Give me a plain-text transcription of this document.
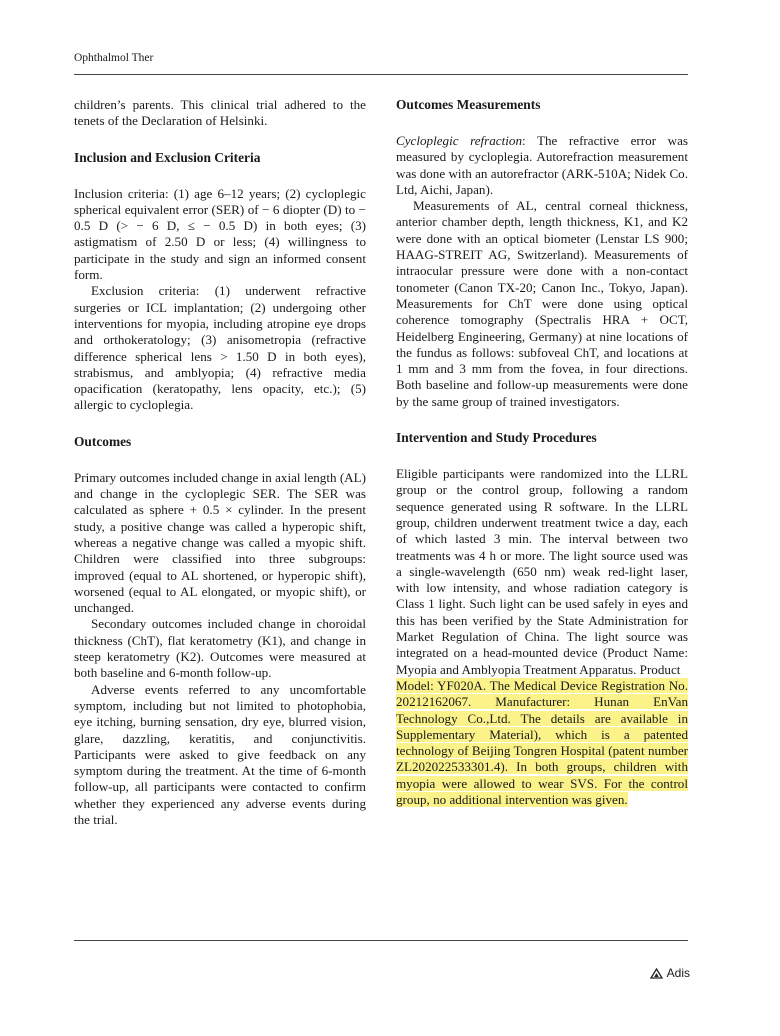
Ophthalmol Ther

children’s parents. This clinical trial adhered to the tenets of the Declaration of Helsinki.

Inclusion and Exclusion Criteria

Inclusion criteria: (1) age 6–12 years; (2) cycloplegic spherical equivalent error (SER) of − 6 diopter (D) to − 0.5 D (> − 6 D, ≤ − 0.5 D) in both eyes; (3) astigmatism of 2.50 D or less; (4) willingness to participate in the study and sign an informed consent form.

Exclusion criteria: (1) underwent refractive surgeries or ICL implantation; (2) undergoing other interventions for myopia, including atropine eye drops and orthokeratology; (3) anisometropia (refractive difference spherical lens > 1.50 D in both eyes), strabismus, and amblyopia; (4) refractive media opacification (keratopathy, lens opacity, etc.); (5) allergic to cycloplegia.

Outcomes

Primary outcomes included change in axial length (AL) and change in the cycloplegic SER. The SER was calculated as sphere + 0.5 × cylinder. In the present study, a positive change was called a hyperopic shift, whereas a negative change was called a myopic shift. Children were classified into three subgroups: improved (equal to AL shortened, or hyperopic shift), worsened (equal to AL elongated, or myopic shift), or unchanged.

Secondary outcomes included change in choroidal thickness (ChT), flat keratometry (K1), and change in steep keratometry (K2). Outcomes were measured at both baseline and 6-month follow-up.

Adverse events referred to any uncomfortable symptom, including but not limited to photophobia, eye itching, burning sensation, dry eye, blurred vision, glare, dazzling, keratitis, and conjunctivitis. Participants were asked to give feedback on any symptom during the treatment. At the time of 6-month follow-up, all participants were contacted to confirm whether they experienced any adverse events during the trial.

Outcomes Measurements

Cycloplegic refraction: The refractive error was measured by cycloplegia. Autorefraction measurement was done with an autorefractor (ARK-510A; Nidek Co. Ltd, Aichi, Japan).

Measurements of AL, central corneal thickness, anterior chamber depth, length thickness, K1, and K2 were done with an optical biometer (Lenstar LS 900; HAAG-STREIT AG, Switzerland). Measurements of intraocular pressure were done with a non-contact tonometer (Canon TX-20; Canon Inc., Tokyo, Japan). Measurements for ChT were done using optical coherence tomography (Spectralis HRA + OCT, Heidelberg Engineering, Germany) at nine locations of the fundus as follows: subfoveal ChT, and locations at 1 mm and 3 mm from the fovea, in four directions. Both baseline and follow-up measurements were done by the same group of trained investigators.

Intervention and Study Procedures

Eligible participants were randomized into the LLRL group or the control group, following a random sequence generated using R software. In the LLRL group, children underwent treatment twice a day, each of which lasted 3 min. The interval between two treatments was 4 h or more. The light source used was a single-wavelength (650 nm) weak red-light laser, with low intensity, and whose radiation category is Class 1 light. Such light can be used safely in eyes and this has been verified by the State Administration for Market Regulation of China. The light source was integrated on a head-mounted device (Product Name: Myopia and Amblyopia Treatment Apparatus. Product

Model: YF020A. The Medical Device Registration No. 20212162067. Manufacturer: Hunan EnVan Technology Co.,Ltd. The details are available in Supplementary Material), which is a patented technology of Beijing Tongren Hospital (patent number ZL202022533301.4). In both groups, children with myopia were allowed to wear SVS. For the control group, no additional intervention was given.

Adis
